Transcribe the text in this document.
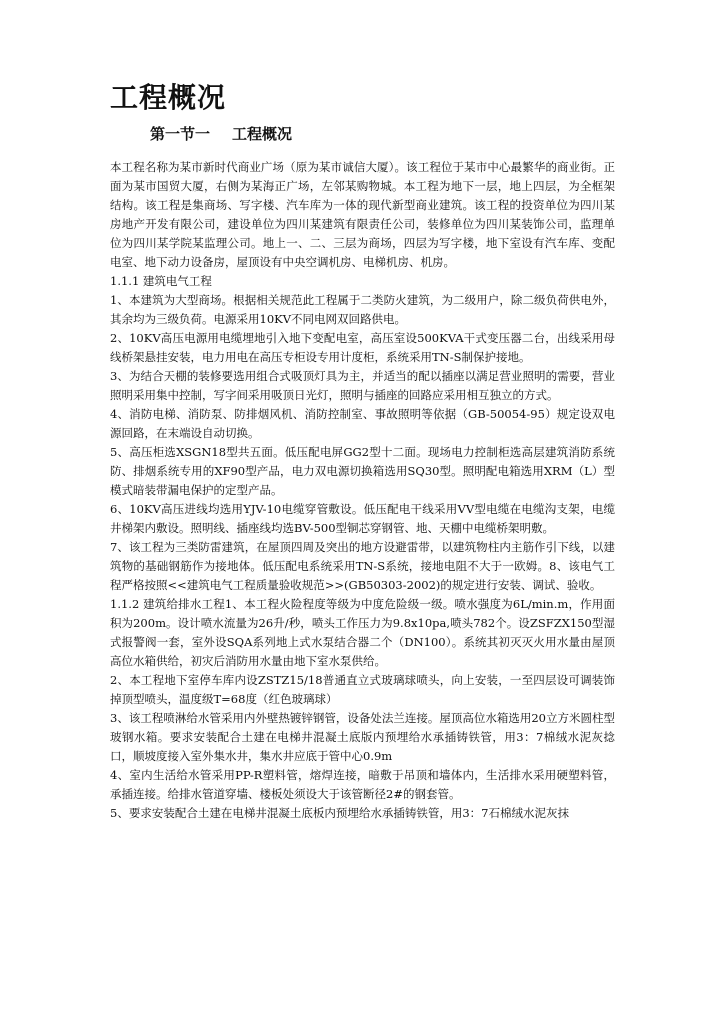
工程概况
第一节一 工程概况

本工程名称为某市新时代商业广场（原为某市诚信大厦）。该工程位于某市中心最繁华的商业街。正面为某市国贸大厦，右侧为某海正广场，左邻某购物城。本工程为地下一层，地上四层，为全框架结构。该工程是集商场、写字楼、汽车库为一体的现代新型商业建筑。该工程的投资单位为四川某房地产开发有限公司，建设单位为四川某建筑有限责任公司，装修单位为四川某装饰公司，监理单位为四川某学院某监理公司。地上一、二、三层为商场，四层为写字楼，地下室设有汽车库、变配电室、地下动力设备房，屋顶设有中央空调机房、电梯机房、机房。

1.1.1 建筑电气工程

1、本建筑为大型商场。根据相关规范此工程属于二类防火建筑，为二级用户，除二级负荷供电外，其余均为三级负荷。电源采用10KV不同电网双回路供电。

2、10KV高压电源用电缆埋地引入地下变配电室，高压室设500KVA干式变压器二台，出线采用母线桥架悬挂安装，电力用电在高压专柜设专用计度柜，系统采用TN-S制保护接地。

3、为结合天棚的装修要选用组合式吸顶灯具为主，并适当的配以插座以满足营业照明的需要，营业照明采用集中控制，写字间采用吸顶日光灯，照明与插座的回路应采用相互独立的方式。

4、消防电梯、消防泵、防排烟风机、消防控制室、事故照明等依据（GB-50054-95）规定设双电源回路，在末端设自动切换。

5、高压柜选XSGN18型共五面。低压配电屏GG2型十二面。现场电力控制柜选高层建筑消防系统防、排烟系统专用的XF90型产品，电力双电源切换箱选用SQ30型。照明配电箱选用XRM（L）型模式暗装带漏电保护的定型产品。

6、10KV高压进线均选用YJV-10电缆穿管敷设。低压配电干线采用VV型电缆在电缆沟支架，电缆井梯架内敷设。照明线、插座线均选BV-500型铜芯穿钢管、地、天棚中电缆桥架明敷。

7、该工程为三类防雷建筑，在屋顶四周及突出的地方设避雷带，以建筑物柱内主筋作引下线，以建筑物的基础钢筋作为接地体。低压配电系统采用TN-S系统，接地电阻不大于一欧姆。8、该电气工程严格按照<<建筑电气工程质量验收规范>>(GB50303-2002)的规定进行安装、调试、验收。

1.1.2 建筑给排水工程1、本工程火险程度等级为中度危险级一级。喷水强度为6L/min.m，作用面积为200m。设计喷水流量为26升/秒，喷头工作压力为9.8x10pa,喷头782个。设ZSFZX150型湿式报警阀一套，室外设SQA系列地上式水泵结合器二个（DN100）。系统其初灭灭火用水量由屋顶高位水箱供给，初灾后消防用水量由地下室水泵供给。

2、本工程地下室停车库内设ZSTZ15/18普通直立式玻璃球喷头，向上安装，一至四层设可调装饰掉顶型喷头，温度级T=68度（红色玻璃球）

3、该工程喷淋给水管采用内外壁热镀锌钢管，设备处法兰连接。屋顶高位水箱选用20立方米圆柱型玻钢水箱。要求安装配合土建在电梯井混凝土底版内预埋给水承插铸铁管，用3：7棉绒水泥灰捻口，顺坡度接入室外集水井，集水井应底于管中心0.9m

4、室内生活给水管采用PP-R塑料管，熔焊连接，暗敷于吊顶和墙体内，生活排水采用硬塑料管，承插连接。给排水管道穿墙、楼板处须设大于该管断径2#的钢套管。

5、要求安装配合土建在电梯井混凝土底板内预埋给水承插铸铁管，用3：7石棉绒水泥灰抹
